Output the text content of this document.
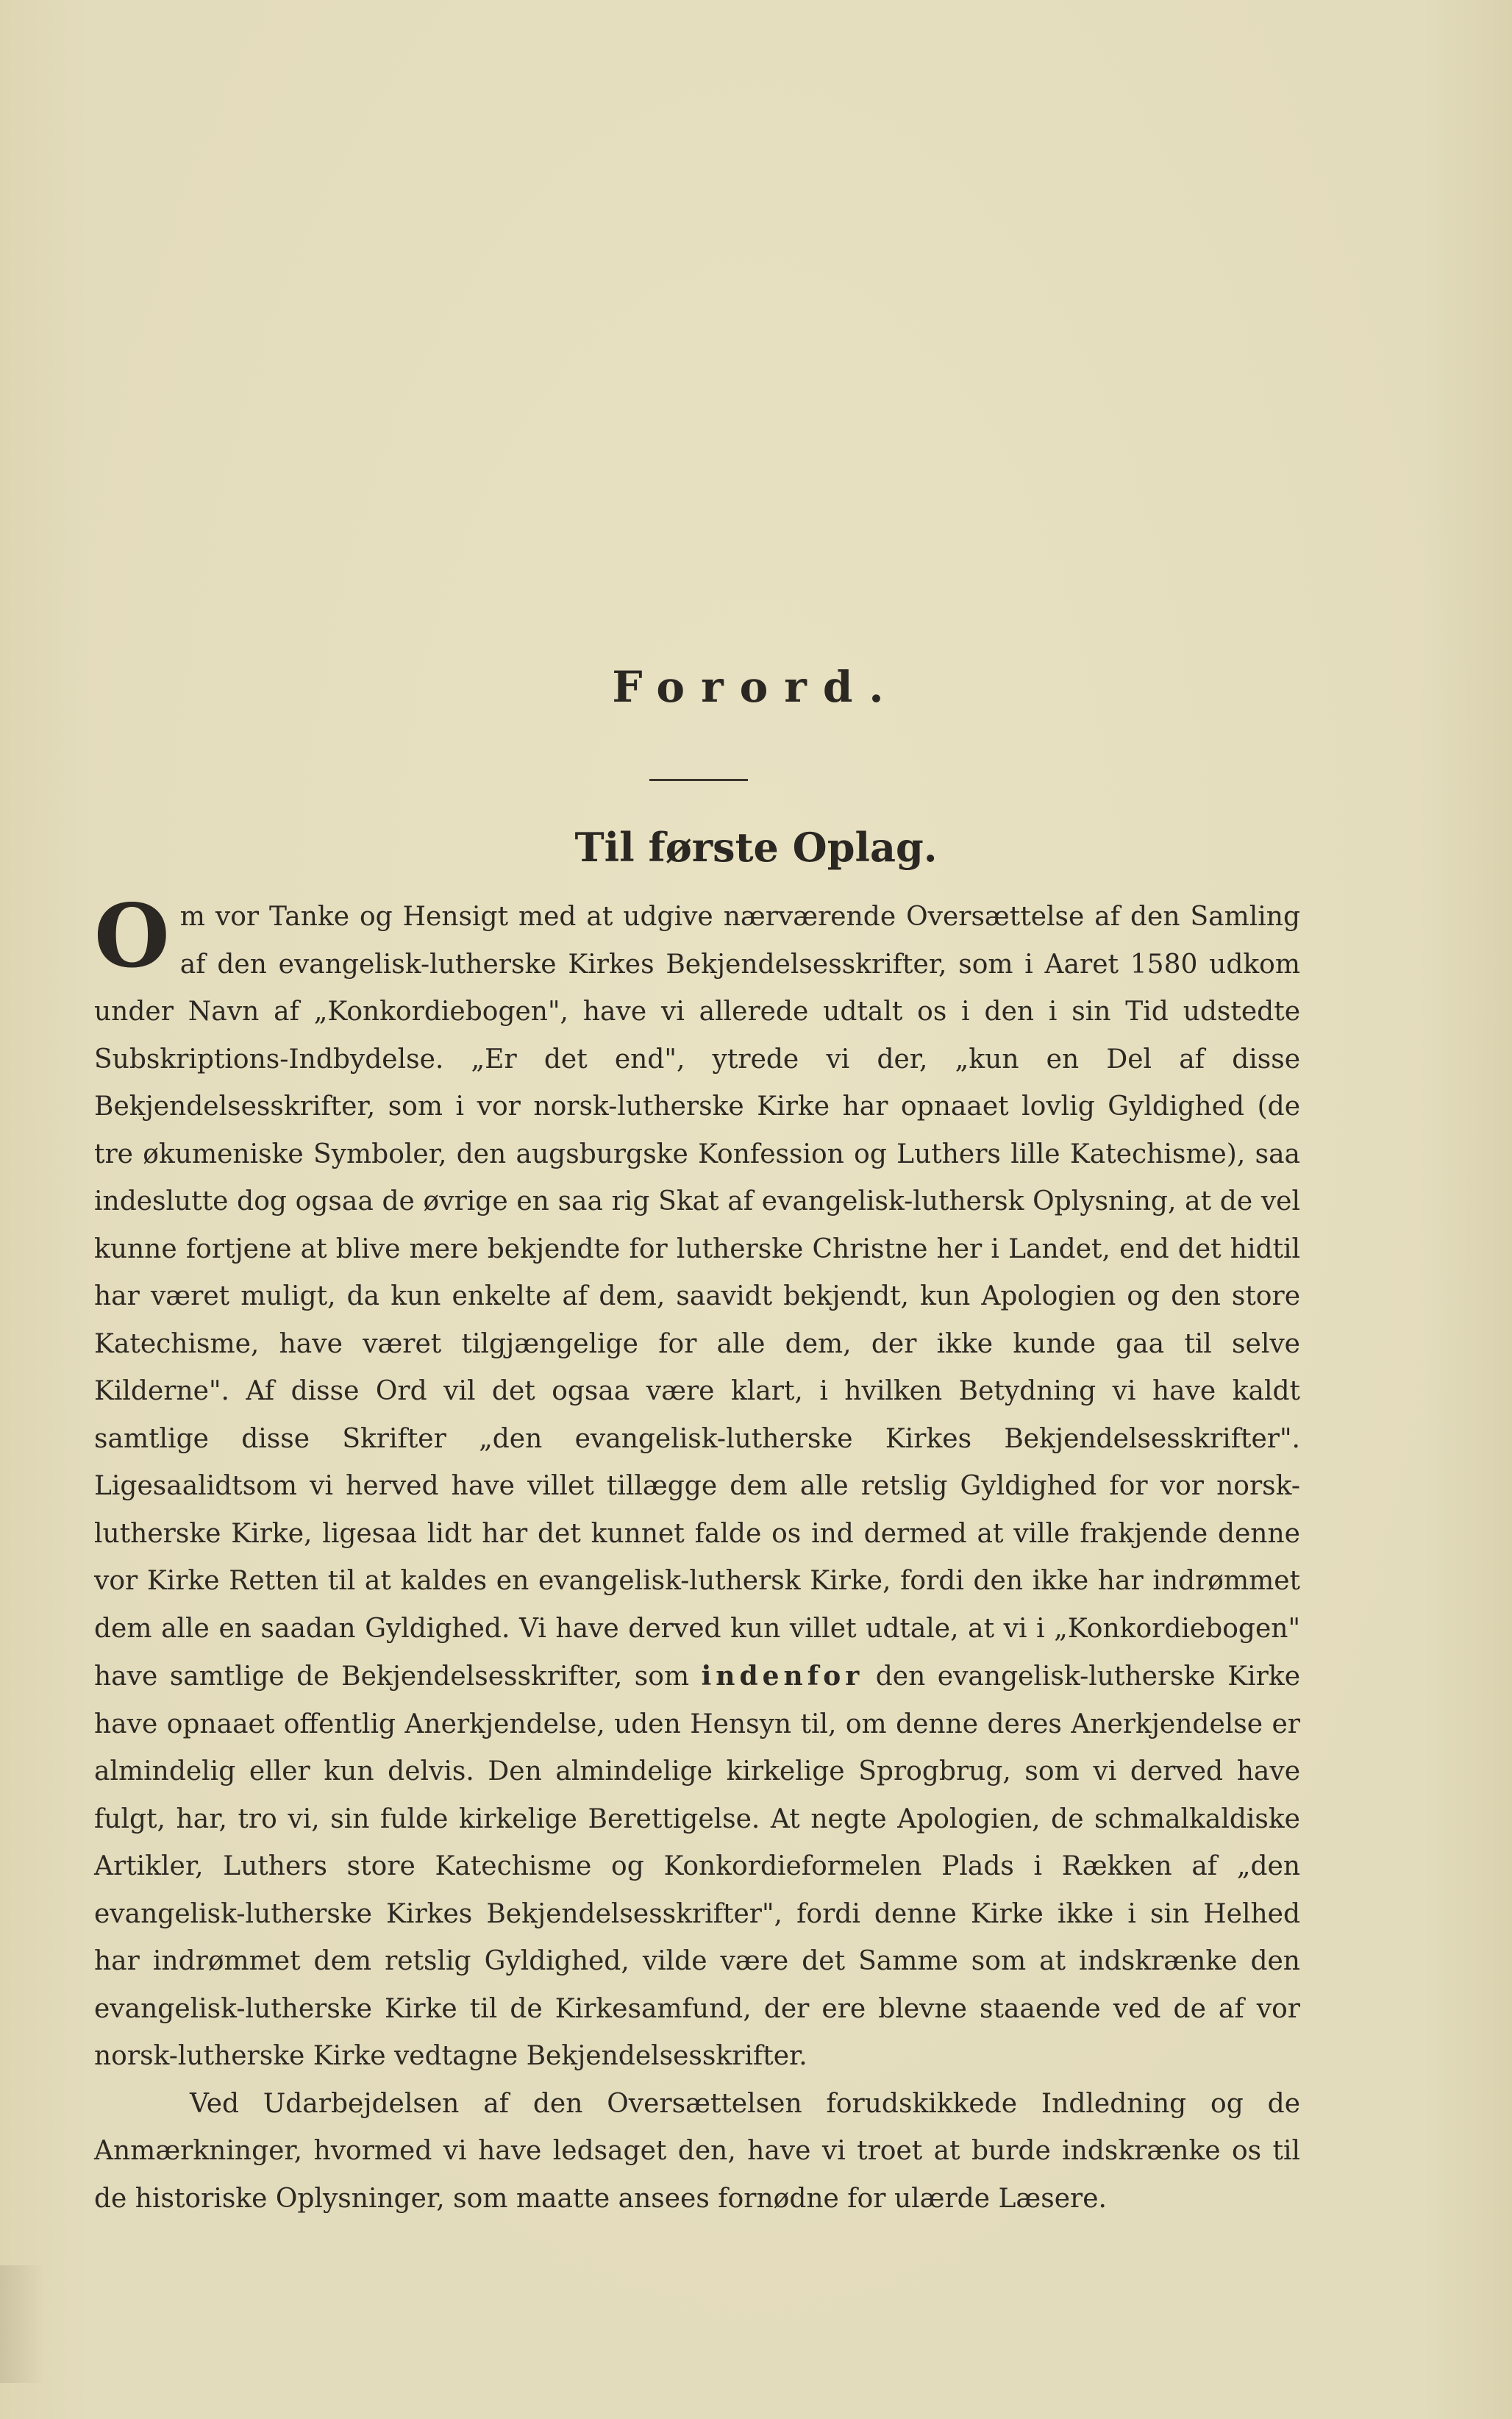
Forord.
Til første Oplag.

Om vor Tanke og Hensigt med at udgive nærværende Oversættelse af den Samling af den evangelisk-lutherske Kirkes Bekjendelsesskrifter, som i Aaret 1580 udkom under Navn af „Konkordiebogen", have vi allerede udtalt os i den i sin Tid udstedte Subskriptions-Indbydelse. „Er det end", ytrede vi der, „kun en Del af disse Bekjendelsesskrifter, som i vor norsk-lutherske Kirke har opnaaet lovlig Gyldighed (de tre økumeniske Symboler, den augsburgske Konfession og Luthers lille Katechisme), saa indeslutte dog ogsaa de øvrige en saa rig Skat af evangelisk-luthersk Oplysning, at de vel kunne fortjene at blive mere bekjendte for lutherske Christne her i Landet, end det hidtil har været muligt, da kun enkelte af dem, saavidt bekjendt, kun Apologien og den store Katechisme, have været tilgjængelige for alle dem, der ikke kunde gaa til selve Kilderne". Af disse Ord vil det ogsaa være klart, i hvilken Betydning vi have kaldt samtlige disse Skrifter „den evangelisk-lutherske Kirkes Bekjendelsesskrifter". Ligesaalidtsom vi herved have villet tillægge dem alle retslig Gyldighed for vor norsk-lutherske Kirke, ligesaa lidt har det kunnet falde os ind dermed at ville frakjende denne vor Kirke Retten til at kaldes en evangelisk-luthersk Kirke, fordi den ikke har indrømmet dem alle en saadan Gyldighed. Vi have derved kun villet udtale, at vi i „Konkordiebogen" have samtlige de Bekjendelsesskrifter, som indenfor den evangelisk-lutherske Kirke have opnaaet offentlig Anerkjendelse, uden Hensyn til, om denne deres Anerkjendelse er almindelig eller kun delvis. Den almindelige kirkelige Sprogbrug, som vi derved have fulgt, har, tro vi, sin fulde kirkelige Berettigelse. At negte Apologien, de schmalkaldiske Artikler, Luthers store Katechisme og Konkordieformelen Plads i Rækken af „den evangelisk-lutherske Kirkes Bekjendelsesskrifter", fordi denne Kirke ikke i sin Helhed har indrømmet dem retslig Gyldighed, vilde være det Samme som at indskrænke den evangelisk-lutherske Kirke til de Kirkesamfund, der ere blevne staaende ved de af vor norsk-lutherske Kirke vedtagne Bekjendelsesskrifter.

Ved Udarbejdelsen af den Oversættelsen forudskikkede Indledning og de Anmærkninger, hvormed vi have ledsaget den, have vi troet at burde indskrænke os til de historiske Oplysninger, som maatte ansees fornødne for ulærde Læsere.
